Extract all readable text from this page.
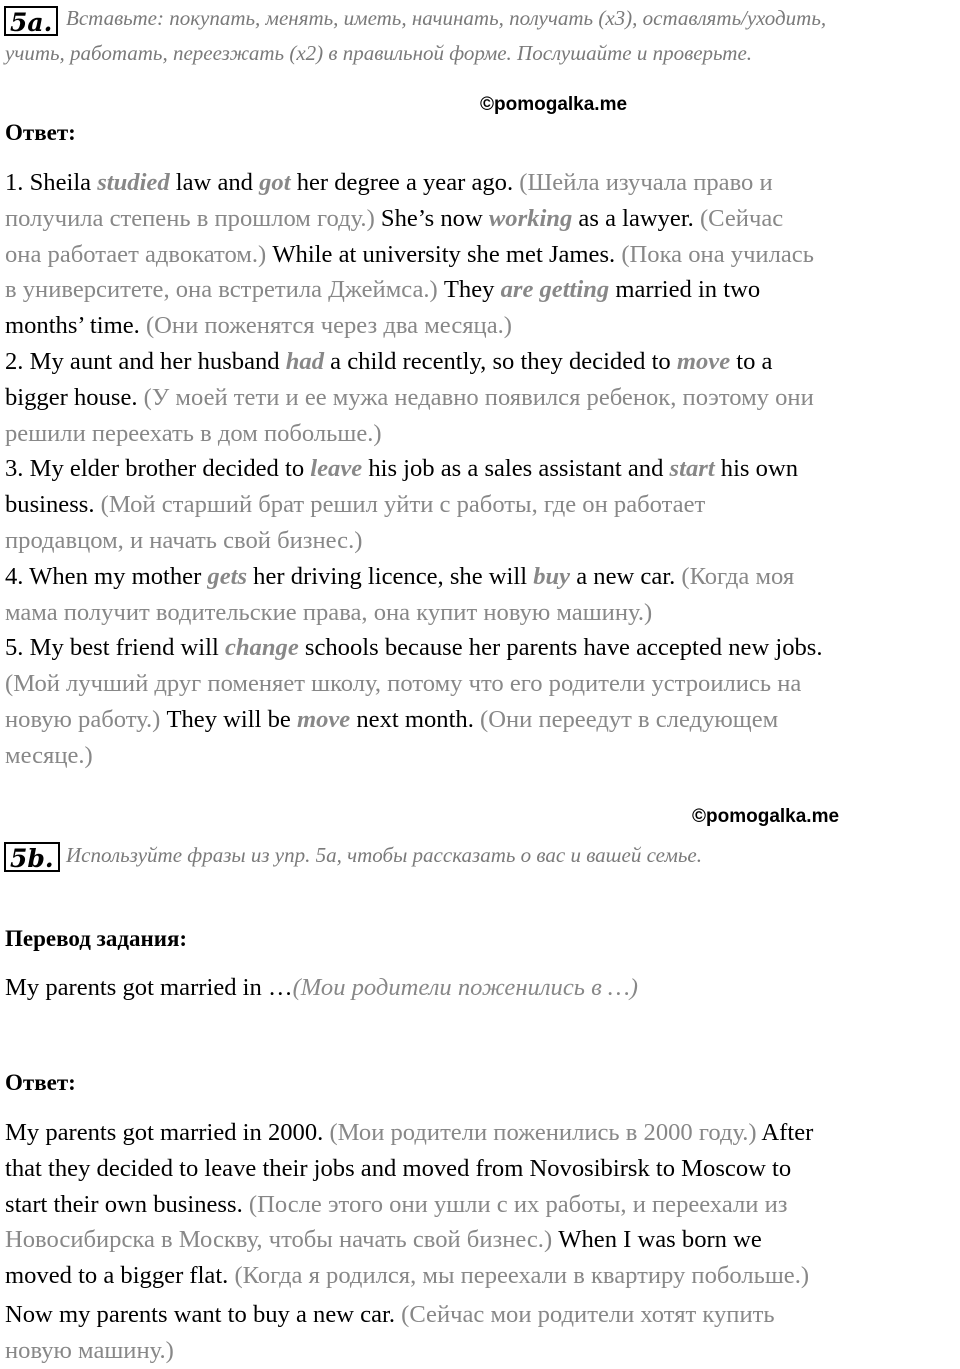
5a. Вставьте: покупать, менять, иметь, начинать, получать (x3), оставлять/уходить,
учить, работать, переезжать (x2) в правильной форме. Послушайте и проверьте.
©pomogalka.me
Ответ:
1. Sheila studied law and got her degree a year ago. (Шейла изучала право и
получила степень в прошлом году.) She’s now working as a lawyer. (Сейчас
она работает адвокатом.) While at university she met James. (Пока она училась
в университете, она встретила Джеймса.) They are getting married in two
months’ time. (Они поженятся через два месяца.)
2. My aunt and her husband had a child recently, so they decided to move to a
bigger house. (У моей тети и ее мужа недавно появился ребенок, поэтому они
решили переехать в дом побольше.)
3. My elder brother decided to leave his job as a sales assistant and start his own
business. (Мой старший брат решил уйти с работы, где он работает
продавцом, и начать свой бизнес.)
4. When my mother gets her driving licence, she will buy a new car. (Когда моя
мама получит водительские права, она купит новую машину.)
5. My best friend will change schools because her parents have accepted new jobs.
(Мой лучший друг поменяет школу, потому что его родители устроились на
новую работу.) They will be move next month. (Они переедут в следующем
месяце.)
©pomogalka.me
5b. Используйте фразы из упр. 5a, чтобы рассказать о вас и вашей семье.
Перевод задания:
My parents got married in …(Мои родители поженились в …)
Ответ:
My parents got married in 2000. (Мои родители поженились в 2000 году.) After
that they decided to leave their jobs and moved from Novosibirsk to Moscow to
start their own business. (После этого они ушли с их работы, и переехали из
Новосибирска в Москву, чтобы начать свой бизнес.) When I was born we
moved to a bigger flat. (Когда я родился, мы переехали в квартиру побольше.)
Now my parents want to buy a new car. (Сейчас мои родители хотят купить
новую машину.)
